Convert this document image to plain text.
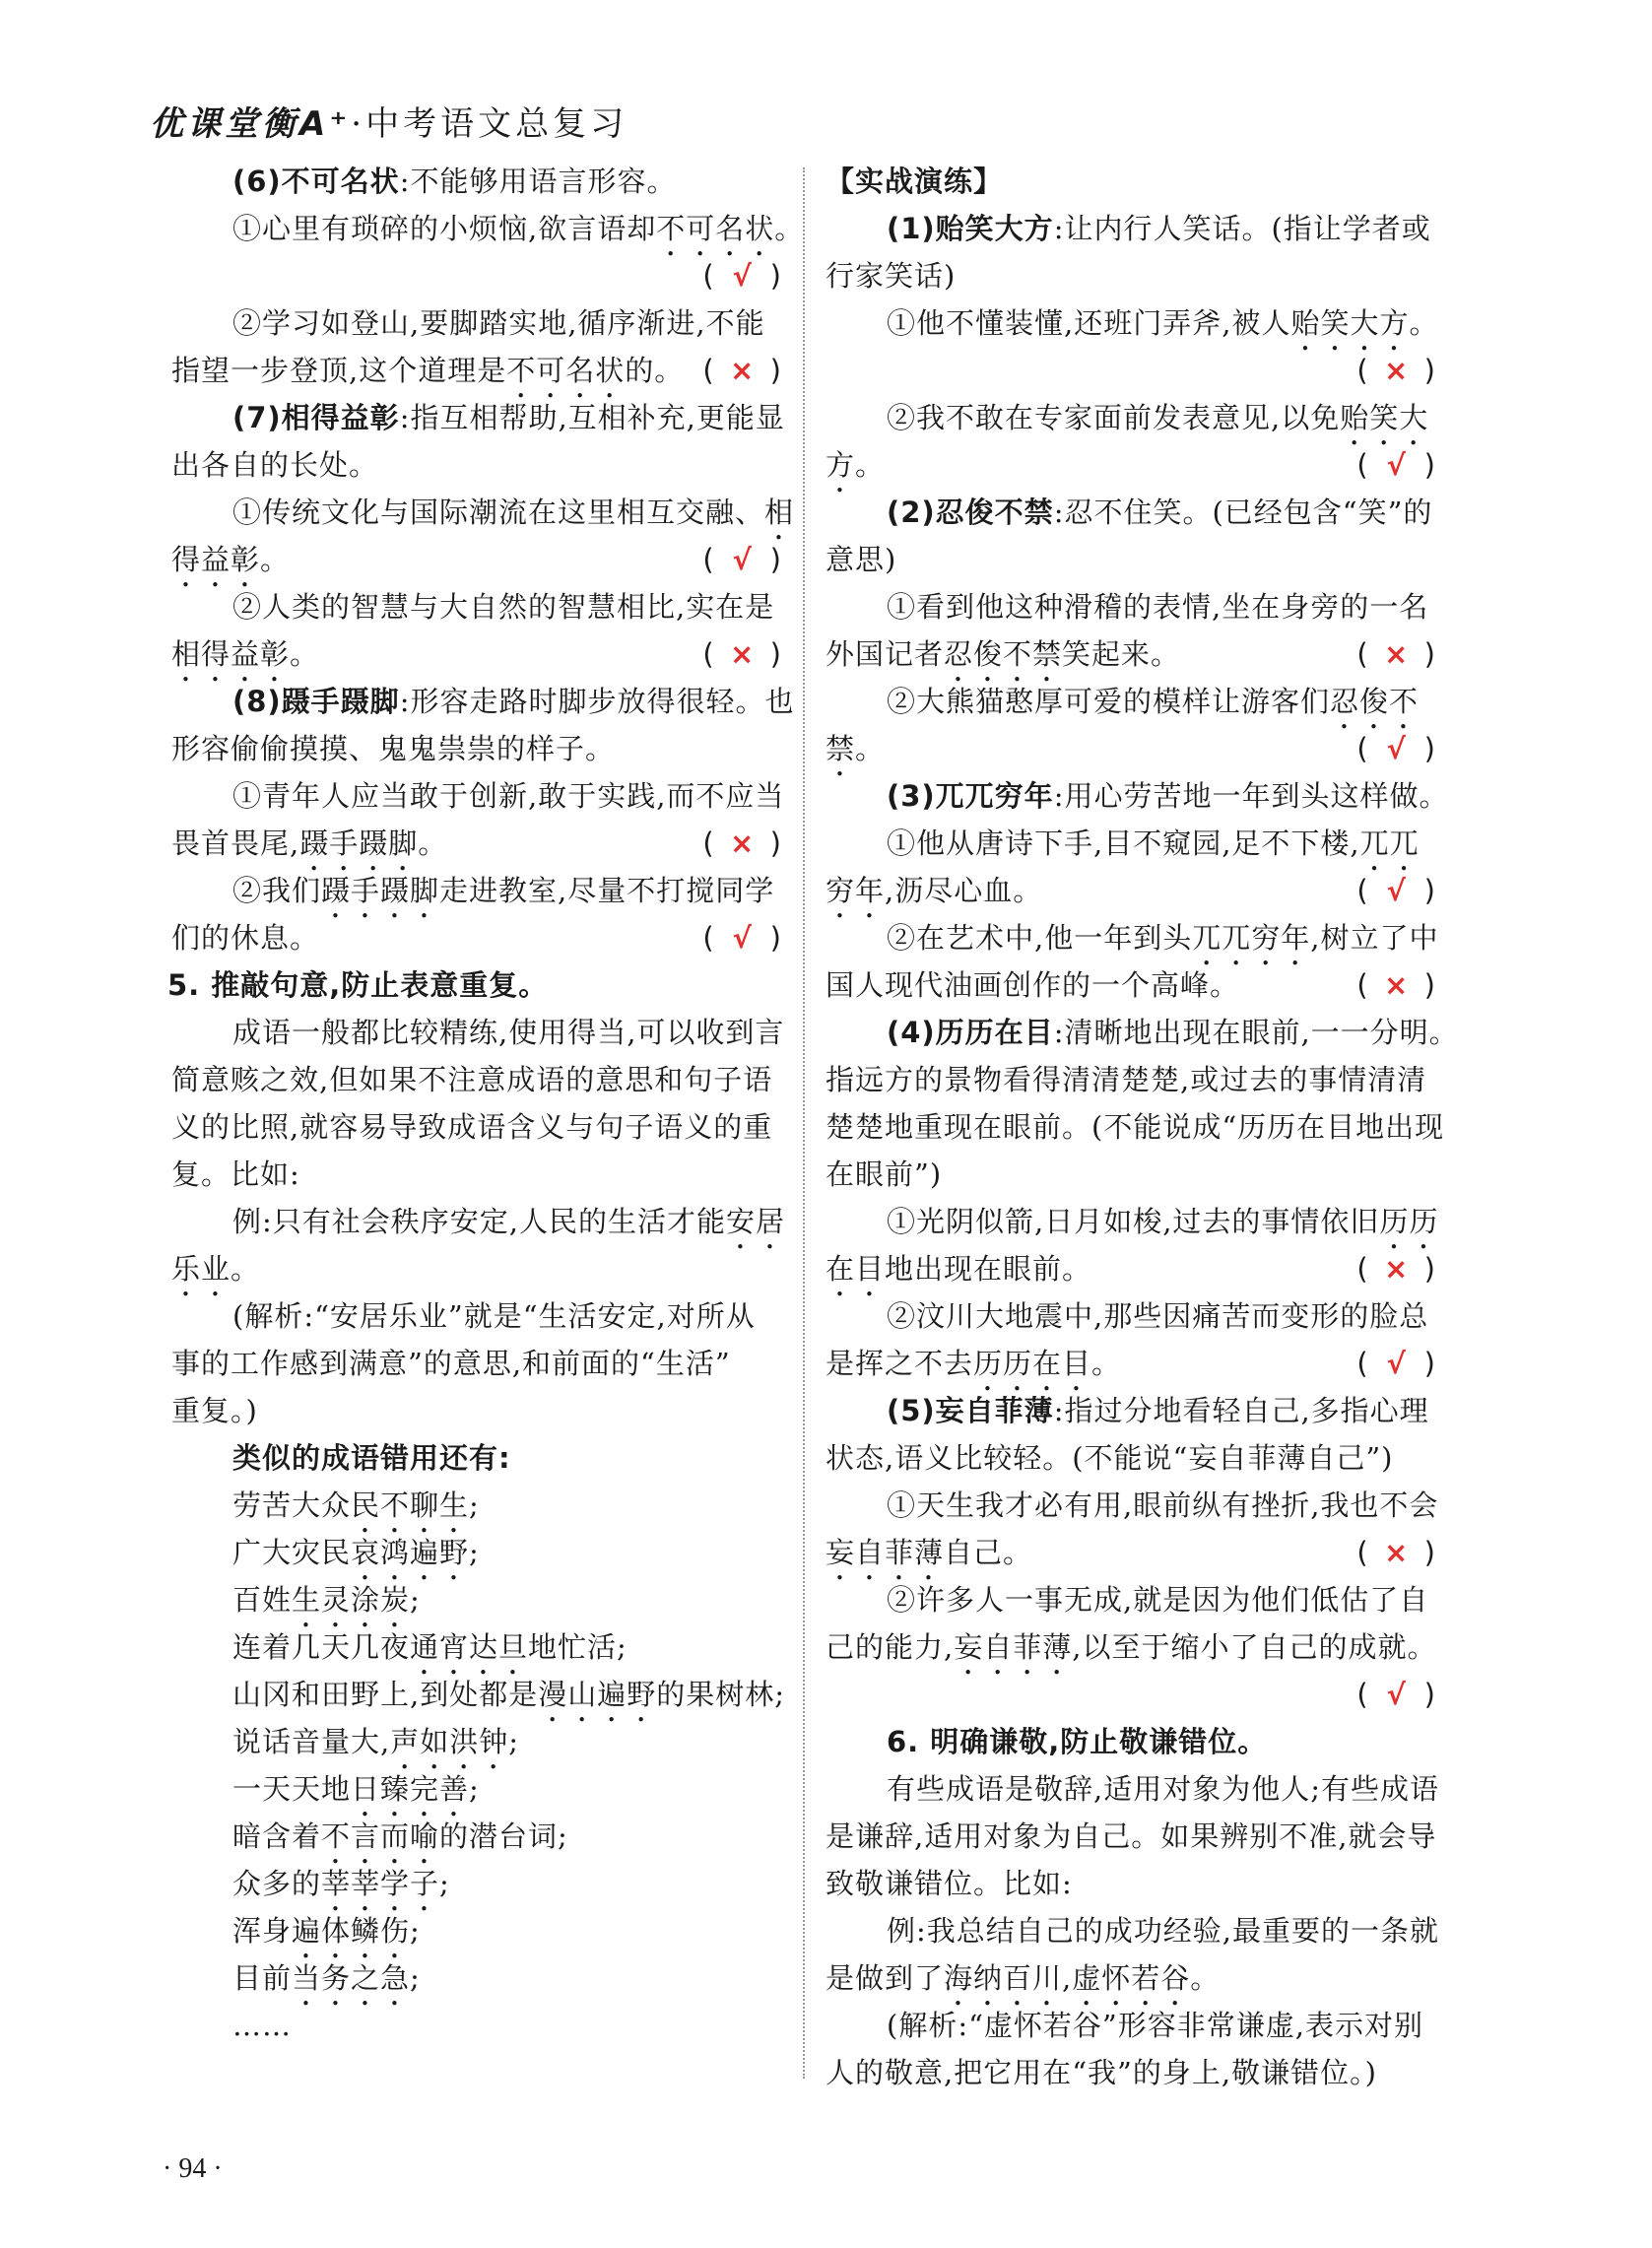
优课堂衡A⁺·中考语文总复习
(6)不可名状:不能够用语言形容。
①心里有琐碎的小烦恼,欲言语却不可名状。
( √ )
②学习如登山,要脚踏实地,循序渐进,不能
指望一步登顶,这个道理是不可名状的。 ( × )
(7)相得益彰:指互相帮助,互相补充,更能显
出各自的长处。
①传统文化与国际潮流在这里相互交融、相
得益彰。	( √ )
②人类的智慧与大自然的智慧相比,实在是
相得益彰。	( × )
(8)蹑手蹑脚:形容走路时脚步放得很轻。也
形容偷偷摸摸、鬼鬼祟祟的样子。
①青年人应当敢于创新,敢于实践,而不应当
畏首畏尾,蹑手蹑脚。	( × )
②我们蹑手蹑脚走进教室,尽量不打搅同学
们的休息。	( √ )
5. 推敲句意,防止表意重复。
成语一般都比较精练,使用得当,可以收到言
简意赅之效,但如果不注意成语的意思和句子语
义的比照,就容易导致成语含义与句子语义的重
复。比如:
例:只有社会秩序安定,人民的生活才能安居
乐业。
(解析:“安居乐业”就是“生活安定,对所从
事的工作感到满意”的意思,和前面的“生活”
重复。)
类似的成语错用还有:
劳苦大众民不聊生;
广大灾民哀鸿遍野;
百姓生灵涂炭;
连着几天几夜通宵达旦地忙活;
山冈和田野上,到处都是漫山遍野的果树林;
说话音量大,声如洪钟;
一天天地日臻完善;
暗含着不言而喻的潜台词;
众多的莘莘学子;
浑身遍体鳞伤;
目前当务之急;
……
【实战演练】
(1)贻笑大方:让内行人笑话。(指让学者或
行家笑话)
①他不懂装懂,还班门弄斧,被人贻笑大方。
( × )
②我不敢在专家面前发表意见,以免贻笑大
方。	( √ )
(2)忍俊不禁:忍不住笑。(已经包含“笑”的
意思)
①看到他这种滑稽的表情,坐在身旁的一名
外国记者忍俊不禁笑起来。	( × )
②大熊猫憨厚可爱的模样让游客们忍俊不
禁。	( √ )
(3)兀兀穷年:用心劳苦地一年到头这样做。
①他从唐诗下手,目不窥园,足不下楼,兀兀
穷年,沥尽心血。	( √ )
②在艺术中,他一年到头兀兀穷年,树立了中
国人现代油画创作的一个高峰。	( × )
(4)历历在目:清晰地出现在眼前,一一分明。
指远方的景物看得清清楚楚,或过去的事情清清
楚楚地重现在眼前。(不能说成“历历在目地出现
在眼前”)
①光阴似箭,日月如梭,过去的事情依旧历历
在目地出现在眼前。	( × )
②汶川大地震中,那些因痛苦而变形的脸总
是挥之不去历历在目。	( √ )
(5)妄自菲薄:指过分地看轻自己,多指心理
状态,语义比较轻。(不能说“妄自菲薄自己”)
①天生我才必有用,眼前纵有挫折,我也不会
妄自菲薄自己。	( × )
②许多人一事无成,就是因为他们低估了自
己的能力,妄自菲薄,以至于缩小了自己的成就。
( √ )
6. 明确谦敬,防止敬谦错位。
有些成语是敬辞,适用对象为他人;有些成语
是谦辞,适用对象为自己。如果辨别不准,就会导
致敬谦错位。比如:
例:我总结自己的成功经验,最重要的一条就
是做到了海纳百川,虚怀若谷。
(解析:“虚怀若谷”形容非常谦虚,表示对别
人的敬意,把它用在“我”的身上,敬谦错位。)
· 94 ·
